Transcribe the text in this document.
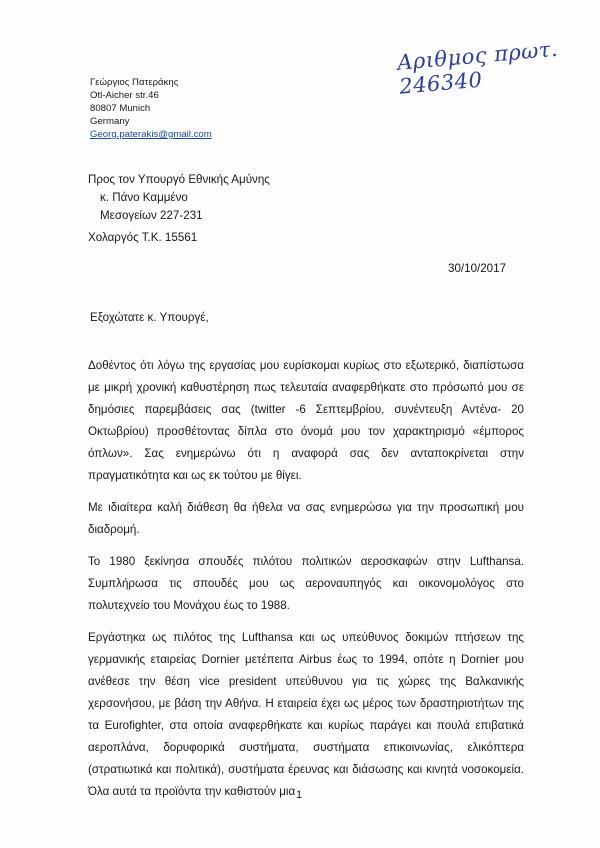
Αριθμος πρωτ. 246340
Γεώργιος Πατεράκης
Otl-Aicher str.46
80807 Munich
Germany
Georg.paterakis@gmail.com
Προς τον Υπουργό Εθνικής Αμύνης
κ. Πάνο Καμμένο
Μεσογείων 227-231
Χολαργός Τ.Κ. 15561
30/10/2017
Εξοχώτατε κ. Υπουργέ,

Δοθέντος ότι λόγω της εργασίας μου ευρίσκομαι κυρίως στο εξωτερικό, διαπίστωσα με μικρή χρονική καθυστέρηση πως τελευταία αναφερθήκατε στο πρόσωπό μου σε δημόσιες παρεμβάσεις σας (twitter -6 Σεπτεμβρίου, συνέντευξη Αντένα- 20 Οκτωβρίου) προσθέτοντας δίπλα στο όνομά μου τον χαρακτηρισμό «έμπορος όπλων». Σας ενημερώνω ότι η αναφορά σας δεν ανταποκρίνεται στην πραγματικότητα και ως εκ τούτου με θίγει.

Με ιδιαίτερα καλή διάθεση θα ήθελα να σας ενημερώσω για την προσωπική μου διαδρομή.

Το 1980 ξεκίνησα σπουδές πιλότου πολιτικών αεροσκαφών στην Lufthansa. Συμπλήρωσα τις σπουδές μου ως αεροναυπηγός και οικονομολόγος στο πολυτεχνείο του Μονάχου έως το 1988.

Εργάστηκα ως πιλότος της Lufthansa και ως υπεύθυνος δοκιμών πτήσεων της γερμανικής εταιρείας Dornier μετέπειτα Airbus έως το 1994, οπότε η Dornier μου ανέθεσε την θέση vice president υπεύθυνου για τις χώρες της Βαλκανικής χερσονήσου, με βάση την Αθήνα. Η εταιρεία έχει ως μέρος των δραστηριοτήτων της τα Eurofighter, στα οποία αναφερθήκατε και κυρίως παράγει και πουλά επιβατικά αεροπλάνα, δορυφορικά συστήματα, συστήματα επικοινωνίας, ελικόπτερα (στρατιωτικά και πολιτικά), συστήματα έρευνας και διάσωσης και κινητά νοσοκομεία. Όλα αυτά τα προϊόντα την καθιστούν μια 1
